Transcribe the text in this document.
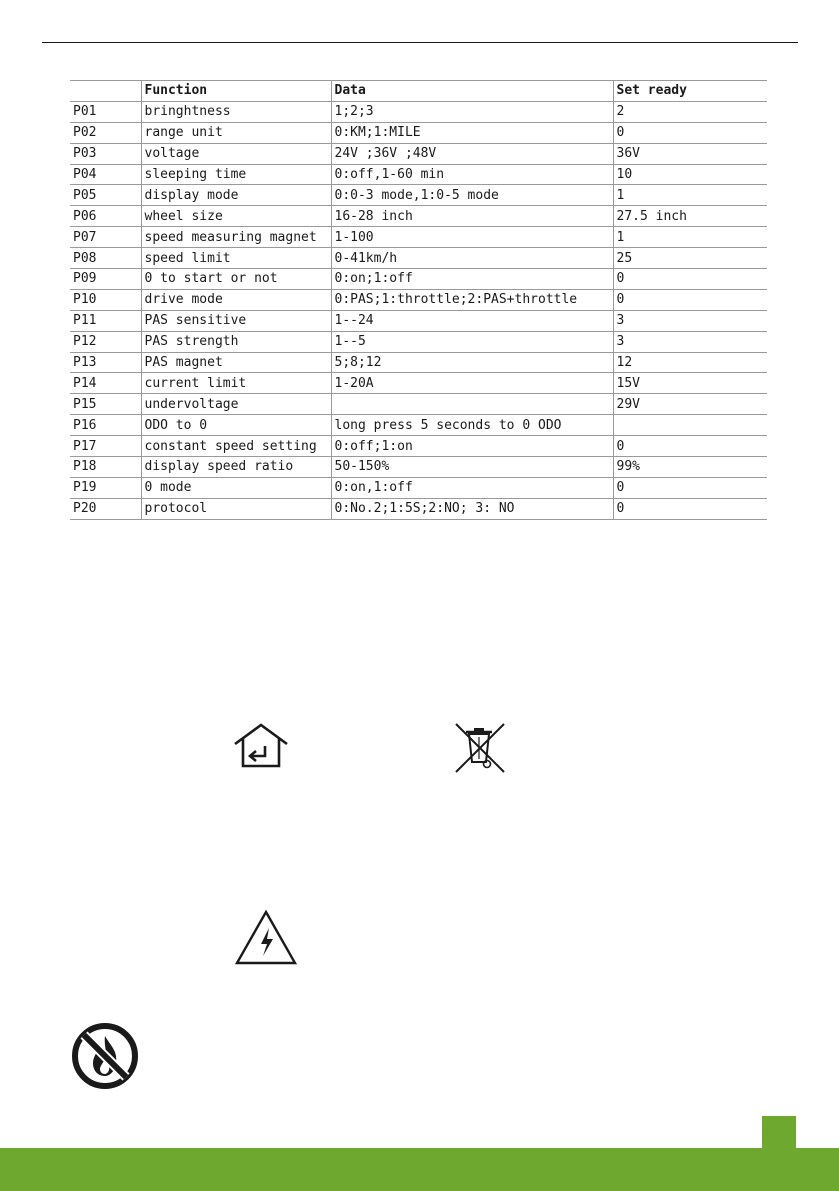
	Function	Data	Set ready
P01	bringhtness	1;2;3	2
P02	range unit	0:KM;1:MILE	0
P03	voltage	24V ;36V ;48V	36V
P04	sleeping time	0:off,1-60 min	10
P05	display mode	0:0-3 mode,1:0-5 mode	1
P06	wheel size	16-28 inch	27.5 inch
P07	speed measuring magnet	1-100	1
P08	speed limit	0-41km/h	25
P09	0 to start or not	0:on;1:off	0
P10	drive mode	0:PAS;1:throttle;2:PAS+throttle	0
P11	PAS sensitive	1--24	3
P12	PAS strength	1--5	3
P13	PAS magnet	5;8;12	12
P14	current limit	1-20A	15V
P15	undervoltage		29V
P16	ODO to 0	long press 5 seconds to 0 ODO	
P17	constant speed setting	0:off;1:on	0
P18	display speed ratio	50-150%	99%
P19	0 mode	0:on,1:off	0
P20	protocol	0:No.2;1:5S;2:NO; 3: NO	0
